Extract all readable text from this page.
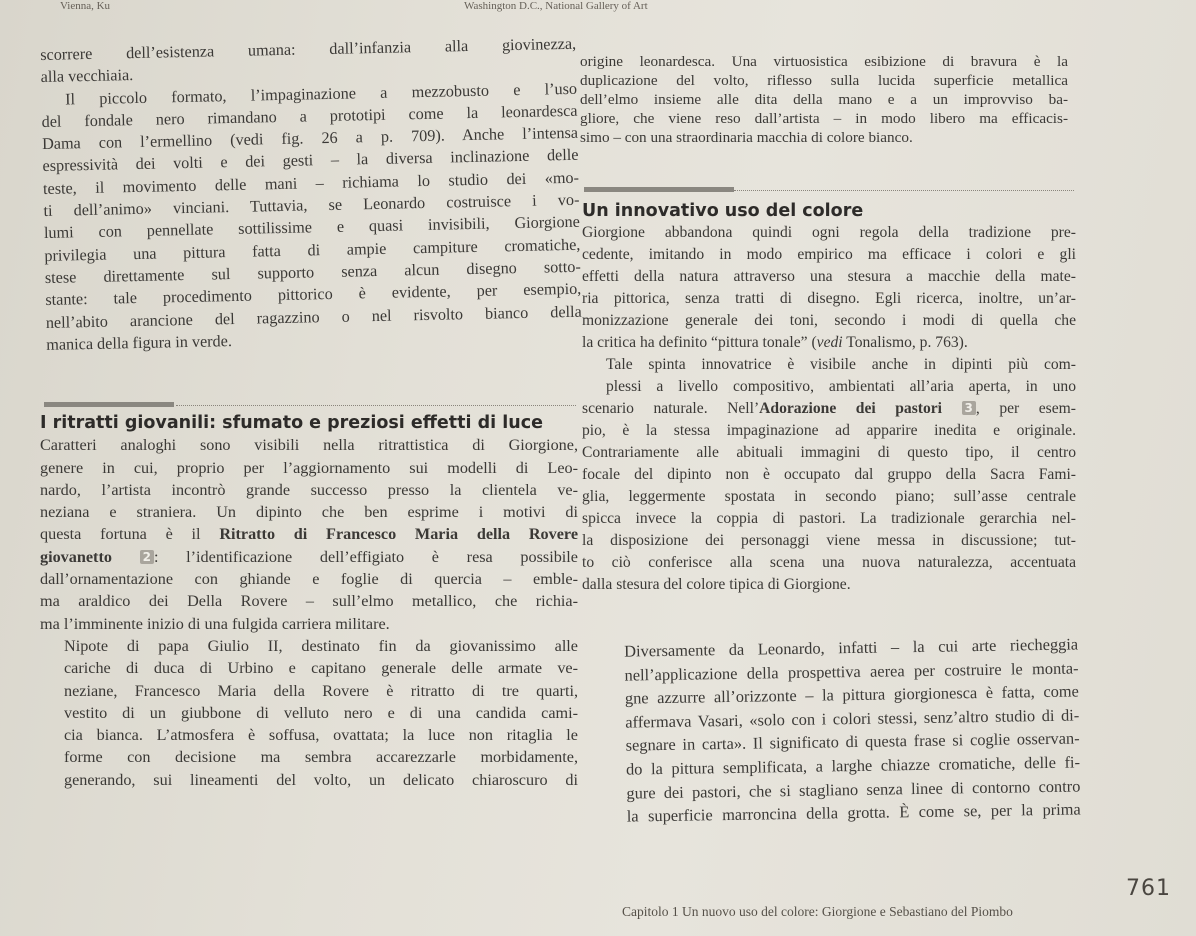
Vienna, Ku	Washington D.C., National Gallery of Art
scorrere dell’esistenza umana: dall’infanzia alla giovinezza,
alla vecchiaia.
Il piccolo formato, l’impaginazione a mezzobusto e l’uso
del fondale nero rimandano a prototipi come la leonardesca
Dama con l’ermellino (vedi fig. 26 a p. 709). Anche l’intensa
espressività dei volti e dei gesti – la diversa inclinazione delle
teste, il movimento delle mani – richiama lo studio dei «mo-
ti dell’animo» vinciani. Tuttavia, se Leonardo costruisce i vo-
lumi con pennellate sottilissime e quasi invisibili, Giorgione
privilegia una pittura fatta di ampie campiture cromatiche,
stese direttamente sul supporto senza alcun disegno sotto-
stante: tale procedimento pittorico è evidente, per esempio,
nell’abito arancione del ragazzino o nel risvolto bianco della
manica della figura in verde.
I ritratti giovanili: sfumato e preziosi effetti di luce
Caratteri analoghi sono visibili nella ritrattistica di Giorgione,
genere in cui, proprio per l’aggiornamento sui modelli di Leo-
nardo, l’artista incontrò grande successo presso la clientela ve-
neziana e straniera. Un dipinto che ben esprime i motivi di
questa fortuna è il Ritratto di Francesco Maria della Rovere
giovanetto	2 : l’identificazione dell’effigiato è resa possibile
dall’ornamentazione con ghiande e foglie di quercia – emble-
ma araldico dei Della Rovere – sull’elmo metallico, che richia-
ma l’imminente inizio di una fulgida carriera militare.
Nipote di papa Giulio II, destinato fin da giovanissimo alle
cariche di duca di Urbino e capitano generale delle armate ve-
neziane, Francesco Maria della Rovere è ritratto di tre quarti,
vestito di un giubbone di velluto nero e di una candida cami-
cia bianca. L’atmosfera è soffusa, ovattata; la luce non ritaglia le
forme con decisione ma sembra accarezzarle morbidamente,
generando, sui lineamenti del volto, un delicato chiaroscuro di
origine leonardesca. Una virtuosistica esibizione di bravura è la
duplicazione del volto, riflesso sulla lucida superficie metallica
dell’elmo insieme alle dita della mano e a un improvviso ba-
gliore, che viene reso dall’artista – in modo libero ma efficacis-
simo – con una straordinaria macchia di colore bianco.
Un innovativo uso del colore
Giorgione abbandona quindi ogni regola della tradizione pre-
cedente, imitando in modo empirico ma efficace i colori e gli
effetti della natura attraverso una stesura a macchie della mate-
ria pittorica, senza tratti di disegno. Egli ricerca, inoltre, un’ar-
monizzazione generale dei toni, secondo i modi di quella che
la critica ha definito “pittura tonale” (vedi Tonalismo, p. 763).
Tale spinta innovatrice è visibile anche in dipinti più com-
plessi a livello compositivo, ambientati all’aria aperta, in uno
scenario naturale. Nell’Adorazione dei pastori 3 , per esem-
pio, è la stessa impaginazione ad apparire inedita e originale.
Contrariamente alle abituali immagini di questo tipo, il centro
focale del dipinto non è occupato dal gruppo della Sacra Fami-
glia, leggermente spostata in secondo piano; sull’asse centrale
spicca invece la coppia di pastori. La tradizionale gerarchia nel-
la disposizione dei personaggi viene messa in discussione; tut-
to ciò conferisce alla scena una nuova naturalezza, accentuata
dalla stesura del colore tipica di Giorgione.
Diversamente da Leonardo, infatti – la cui arte riecheggia
nell’applicazione della prospettiva aerea per costruire le monta-
gne azzurre all’orizzonte – la pittura giorgionesca è fatta, come
affermava Vasari, «solo con i colori stessi, senz’altro studio di di-
segnare in carta». Il significato di questa frase si coglie osservan-
do la pittura semplificata, a larghe chiazze cromatiche, delle fi-
gure dei pastori, che si stagliano senza linee di contorno contro
la superficie marroncina della grotta. È come se, per la prima
Capitolo 1 Un nuovo uso del colore: Giorgione e Sebastiano del Piombo
761
